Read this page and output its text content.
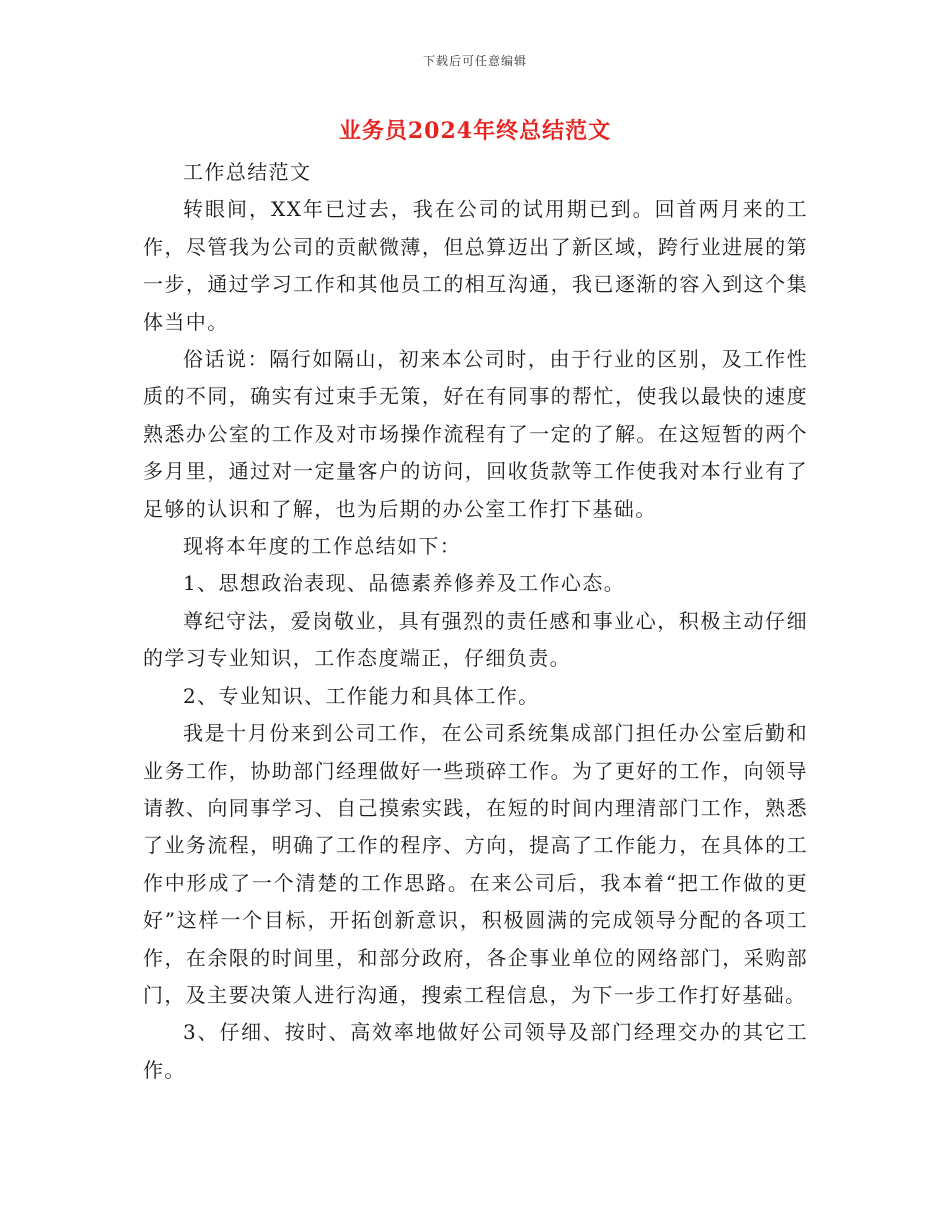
下载后可任意编辑
业务员2024年终总结范文

工作总结范文

转眼间，XX年已过去，我在公司的试用期已到。回首两月来的工作，尽管我为公司的贡献微薄，但总算迈出了新区域，跨行业进展的第一步，通过学习工作和其他员工的相互沟通，我已逐渐的容入到这个集体当中。

俗话说：隔行如隔山，初来本公司时，由于行业的区别，及工作性质的不同，确实有过束手无策，好在有同事的帮忙，使我以最快的速度熟悉办公室的工作及对市场操作流程有了一定的了解。在这短暂的两个多月里，通过对一定量客户的访问，回收货款等工作使我对本行业有了足够的认识和了解，也为后期的办公室工作打下基础。

现将本年度的工作总结如下：

1、思想政治表现、品德素养修养及工作心态。

尊纪守法，爱岗敬业，具有强烈的责任感和事业心，积极主动仔细的学习专业知识，工作态度端正，仔细负责。

2、专业知识、工作能力和具体工作。

我是十月份来到公司工作，在公司系统集成部门担任办公室后勤和业务工作，协助部门经理做好一些琐碎工作。为了更好的工作，向领导请教、向同事学习、自己摸索实践，在短的时间内理清部门工作，熟悉了业务流程，明确了工作的程序、方向，提高了工作能力，在具体的工作中形成了一个清楚的工作思路。在来公司后，我本着“把工作做的更好”这样一个目标，开拓创新意识，积极圆满的完成领导分配的各项工作，在余限的时间里，和部分政府，各企事业单位的网络部门，采购部门，及主要决策人进行沟通，搜索工程信息，为下一步工作打好基础。

3、仔细、按时、高效率地做好公司领导及部门经理交办的其它工作。
